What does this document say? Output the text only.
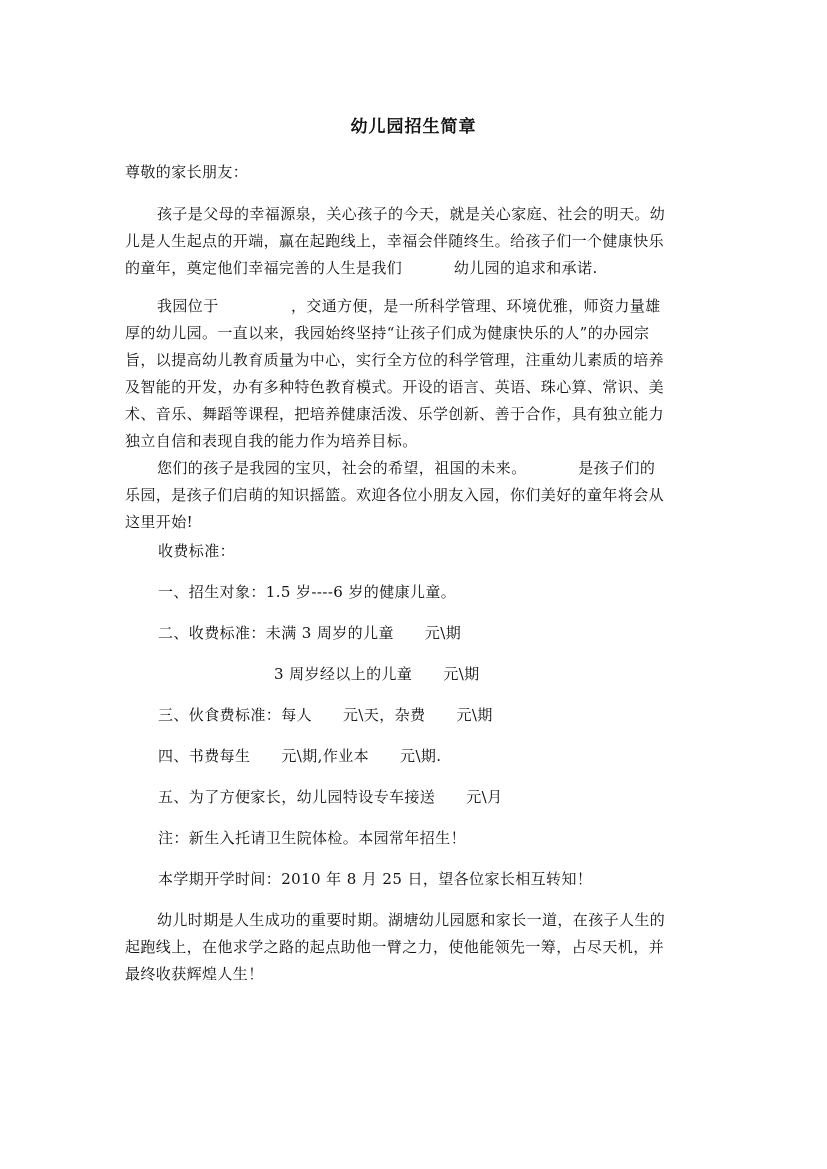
幼儿园招生简章
尊敬的家长朋友：
孩子是父母的幸福源泉，关心孩子的今天，就是关心家庭、社会的明天。幼
儿是人生起点的开端，赢在起跑线上，幸福会伴随终生。给孩子们一个健康快乐
的童年，奠定他们幸福完善的人生是我们          幼儿园的追求和承诺.
我园位于              ，交通方便，是一所科学管理、环境优雅，师资力量雄
厚的幼儿园。一直以来，我园始终坚持“让孩子们成为健康快乐的人”的办园宗
旨，以提高幼儿教育质量为中心，实行全方位的科学管理，注重幼儿素质的培养
及智能的开发，办有多种特色教育模式。开设的语言、英语、珠心算、常识、美
术、音乐、舞蹈等课程，把培养健康活泼、乐学创新、善于合作，具有独立能力
独立自信和表现自我的能力作为培养目标。
您们的孩子是我园的宝贝，社会的希望，祖国的未来。          是孩子们的
乐园，是孩子们启萌的知识摇篮。欢迎各位小朋友入园，你们美好的童年将会从
这里开始!
收费标准：
一、招生对象：1.5 岁----6 岁的健康儿童。
二、收费标准：未满 3 周岁的儿童      元\期
3 周岁经以上的儿童      元\期
三、伙食费标准：每人      元\天，杂费      元\期
四、书费每生      元\期,作业本      元\期.
五、为了方便家长，幼儿园特设专车接送      元\月
注：新生入托请卫生院体检。本园常年招生！
本学期开学时间：2010 年 8 月 25 日，望各位家长相互转知！
幼儿时期是人生成功的重要时期。湖塘幼儿园愿和家长一道，在孩子人生的
起跑线上，在他求学之路的起点助他一臂之力，使他能领先一筹，占尽天机，并
最终收获辉煌人生！
